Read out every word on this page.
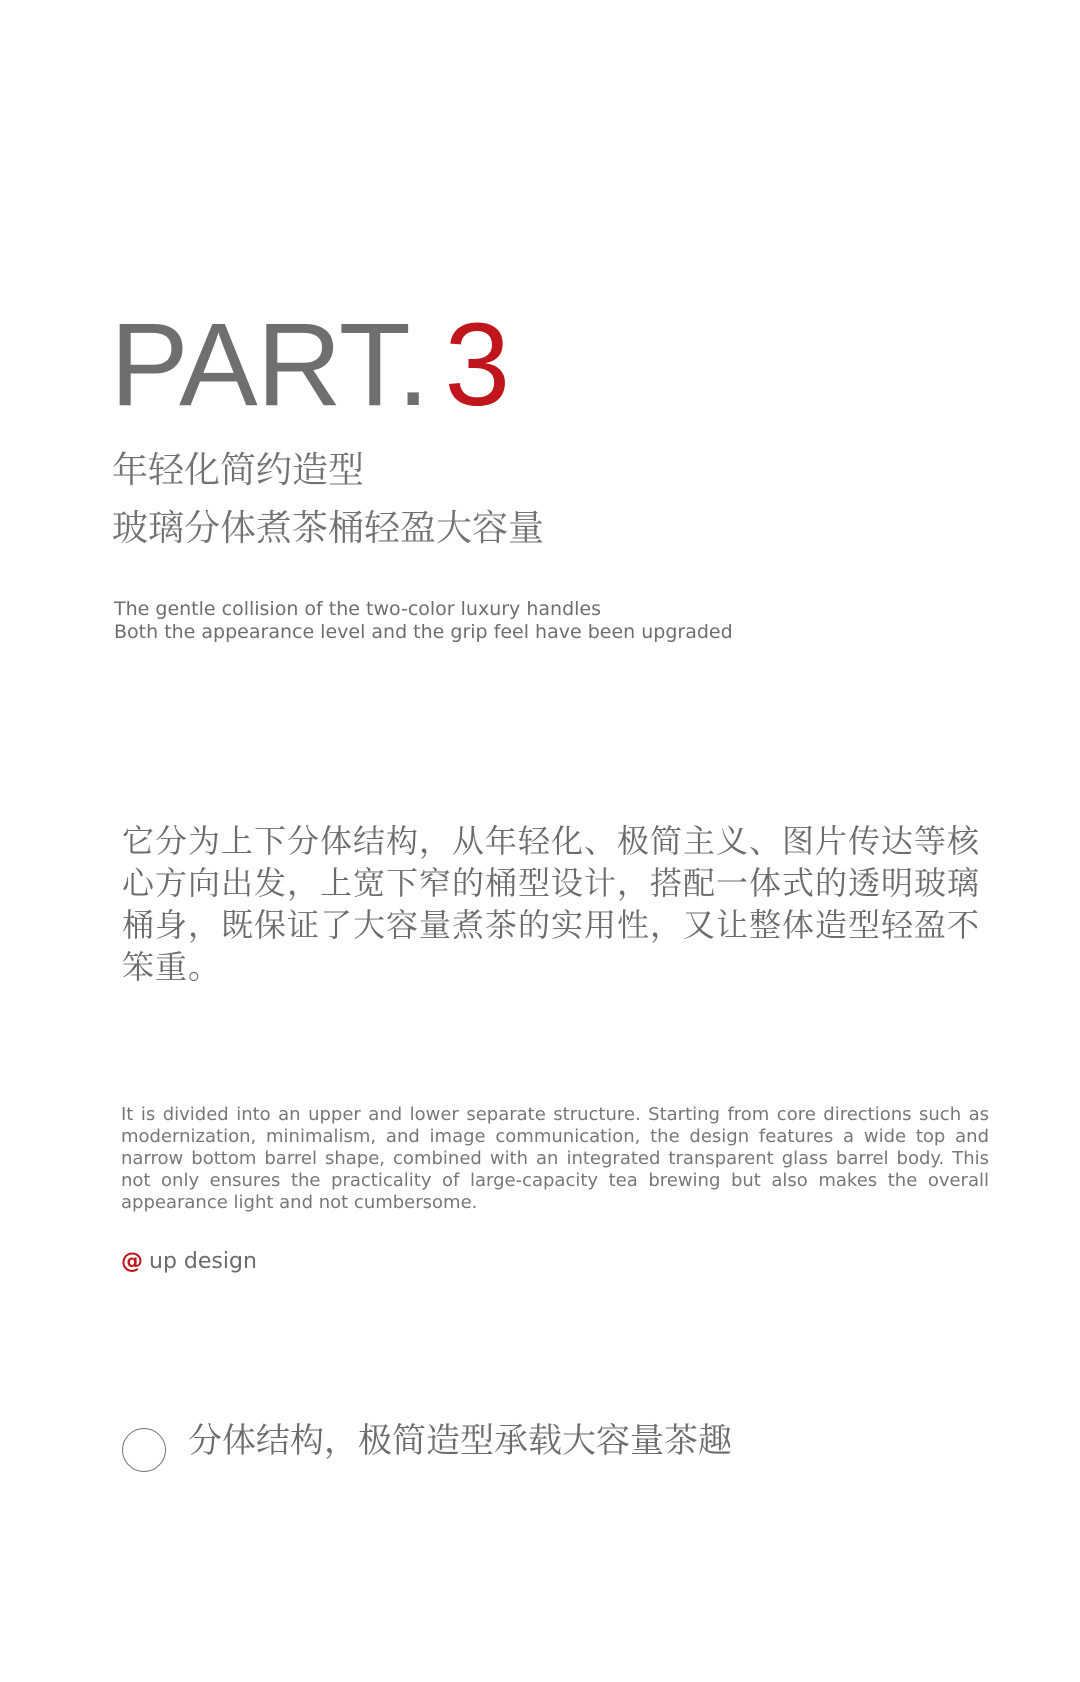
PART. 3
年轻化简约造型
玻璃分体煮茶桶轻盈大容量
The gentle collision of the two-color luxury handles
Both the appearance level and the grip feel have been upgraded
它分为上下分体结构，从年轻化、极简主义、图片传达等核心方向出发，上宽下窄的桶型设计，搭配一体式的透明玻璃桶身，既保证了大容量煮茶的实用性，又让整体造型轻盈不笨重。
It is divided into an upper and lower separate structure. Starting from core directions such as modernization, minimalism, and image communication, the design features a wide top and narrow bottom barrel shape, combined with an integrated transparent glass barrel body. This not only ensures the practicality of large-capacity tea brewing but also makes the overall appearance light and not cumbersome.
@ up design
分体结构，极简造型承载大容量茶趣
